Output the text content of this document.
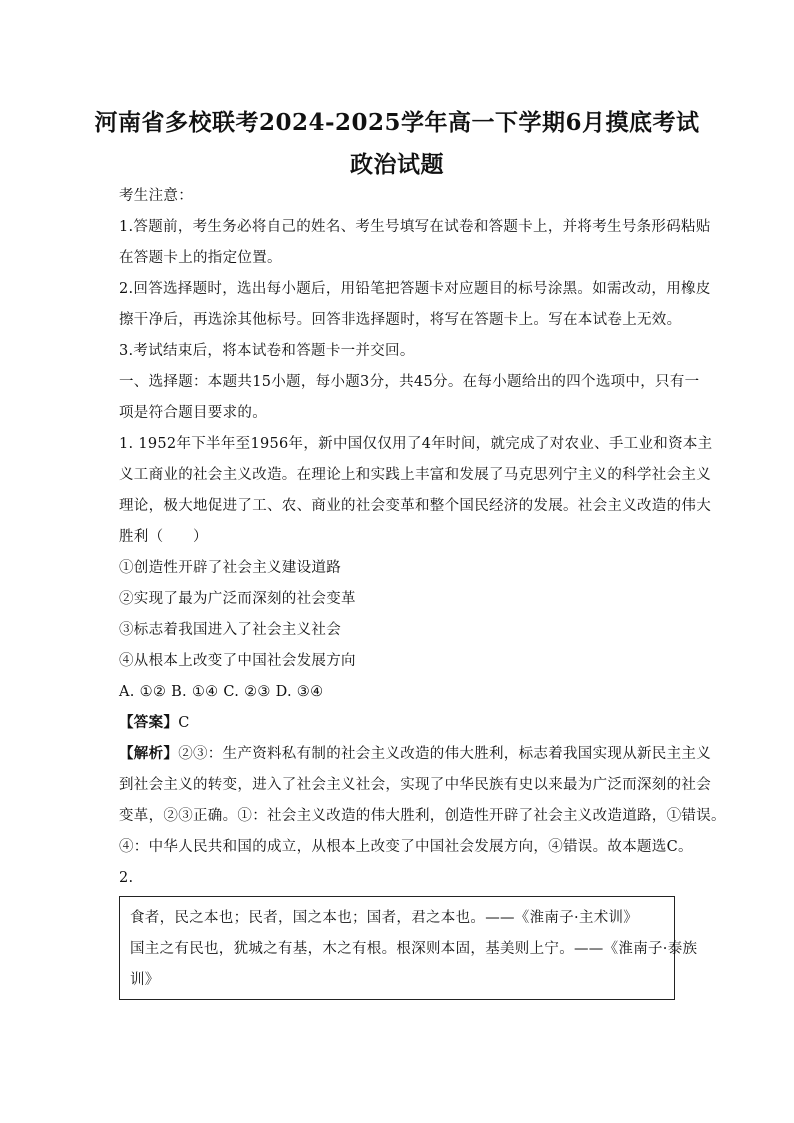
河南省多校联考2024-2025学年高一下学期6月摸底考试
政治试题
考生注意：
1.答题前，考生务必将自己的姓名、考生号填写在试卷和答题卡上，并将考生号条形码粘贴
在答题卡上的指定位置。
2.回答选择题时，选出每小题后，用铅笔把答题卡对应题目的标号涂黑。如需改动，用橡皮
擦干净后，再选涂其他标号。回答非选择题时，将写在答题卡上。写在本试卷上无效。
3.考试结束后，将本试卷和答题卡一并交回。
一、选择题：本题共15小题，每小题3分，共45分。在每小题给出的四个选项中，只有一
项是符合题目要求的。
1. 1952年下半年至1956年，新中国仅仅用了4年时间，就完成了对农业、手工业和资本主
义工商业的社会主义改造。在理论上和实践上丰富和发展了马克思列宁主义的科学社会主义
理论，极大地促进了工、农、商业的社会变革和整个国民经济的发展。社会主义改造的伟大
胜利（　　）
①创造性开辟了社会主义建设道路
②实现了最为广泛而深刻的社会变革
③标志着我国进入了社会主义社会
④从根本上改变了中国社会发展方向
A. ①② B. ①④ C. ②③ D. ③④
【答案】C
【解析】②③：生产资料私有制的社会主义改造的伟大胜利，标志着我国实现从新民主主义
到社会主义的转变，进入了社会主义社会，实现了中华民族有史以来最为广泛而深刻的社会
变革，②③正确。①：社会主义改造的伟大胜利，创造性开辟了社会主义改造道路，①错误。
④：中华人民共和国的成立，从根本上改变了中国社会发展方向，④错误。故本题选C。
2.
食者，民之本也；民者，国之本也；国者，君之本也。——《淮南子·主术训》
国主之有民也，犹城之有基，木之有根。根深则本固，基美则上宁。——《淮南子·泰族
训》
